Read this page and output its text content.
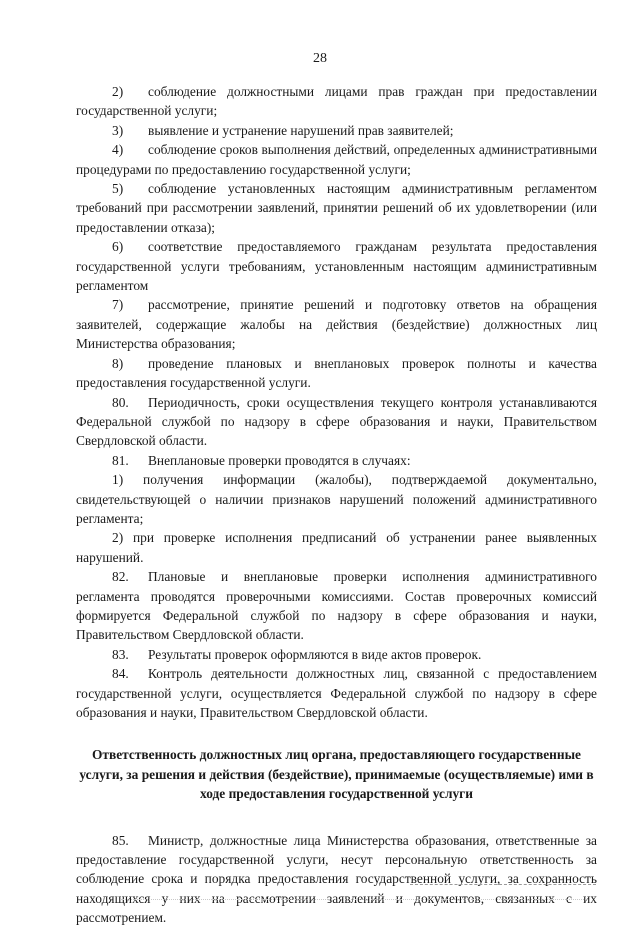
28

2) соблюдение должностными лицами прав граждан при предоставлении государственной услуги;

3) выявление и устранение нарушений прав заявителей;

4) соблюдение сроков выполнения действий, определенных административными процедурами по предоставлению государственной услуги;

5) соблюдение установленных настоящим административным регламентом требований при рассмотрении заявлений, принятии решений об их удовлетворении (или предоставлении отказа);

6) соответствие предоставляемого гражданам результата предоставления государственной услуги требованиям, установленным настоящим административным регламентом

7) рассмотрение, принятие решений и подготовку ответов на обращения заявителей, содержащие жалобы на действия (бездействие) должностных лиц Министерства образования;

8) проведение плановых и внеплановых проверок полноты и качества предоставления государственной услуги.

80. Периодичность, сроки осуществления текущего контроля устанавливаются Федеральной службой по надзору в сфере образования и науки, Правительством Свердловской области.

81. Внеплановые проверки проводятся в случаях:

1) получения информации (жалобы), подтверждаемой документально, свидетельствующей о наличии признаков нарушений положений административного регламента;

2) при проверке исполнения предписаний об устранении ранее выявленных нарушений.

82. Плановые и внеплановые проверки исполнения административного регламента проводятся проверочными комиссиями. Состав проверочных комиссий формируется Федеральной службой по надзору в сфере образования и науки, Правительством Свердловской области.

83. Результаты проверок оформляются в виде актов проверок.

84. Контроль деятельности должностных лиц, связанной с предоставлением государственной услуги, осуществляется Федеральной службой по надзору в сфере образования и науки, Правительством Свердловской области.

Ответственность должностных лиц органа, предоставляющего государственные услуги, за решения и действия (бездействие), принимаемые (осуществляемые) ими в ходе предоставления государственной услуги

85. Министр, должностные лица Министерства образования, ответственные за предоставление государственной услуги, несут персональную ответственность за соблюдение срока и порядка предоставления государственной услуги, за сохранность находящихся у них на рассмотрении заявлений и документов, связанных с их рассмотрением.
